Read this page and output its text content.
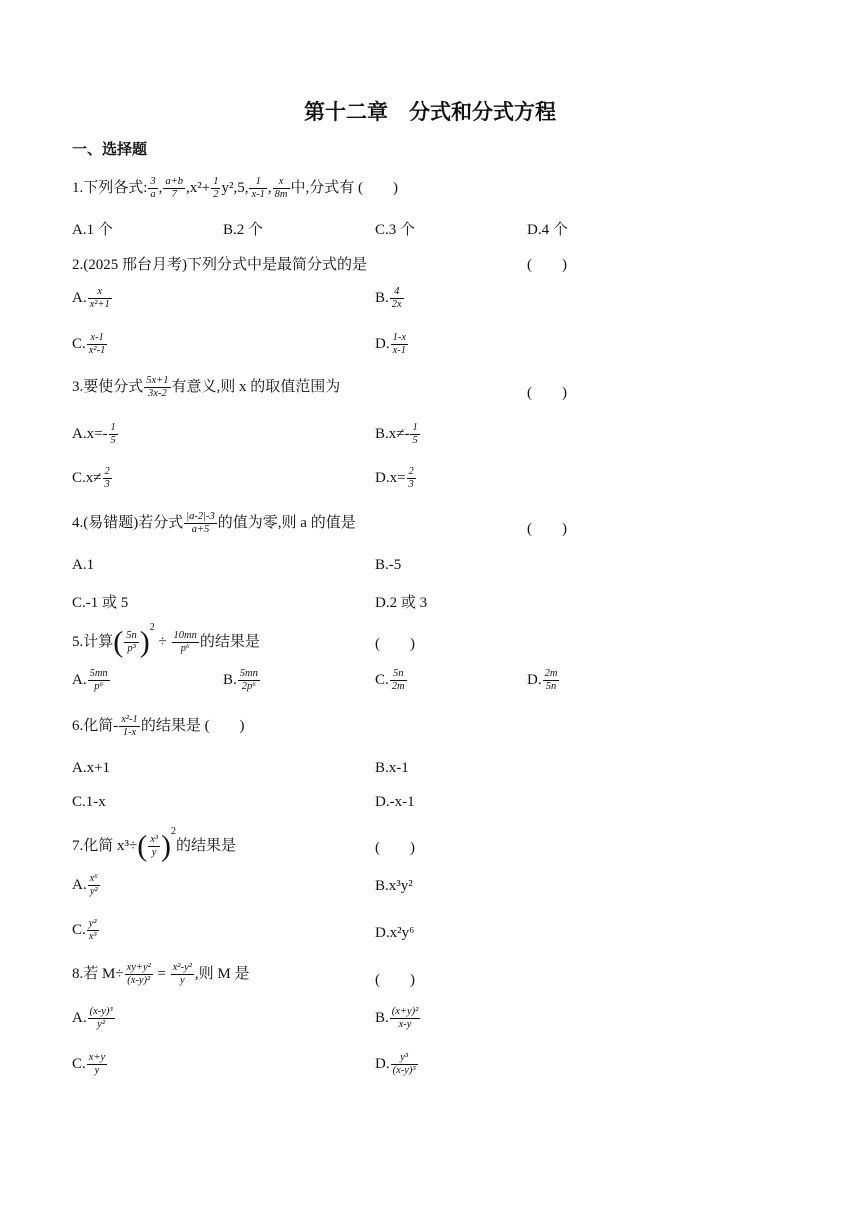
第十二章　分式和分式方程
一、选择题
1.下列各式: $\frac{3}{a}$ , $\frac{a+b}{7} ,x^2+ \frac{1}{2} y^2,5$, $\frac{1}{x-1}$ , $\frac{x}{8m}$ 中,分式有 (　　)
A.1 个	B.2 个	C.3 个	D.4 个
2.(2025 邢台月考)下列分式中是最简分式的是	(　　)
A. $\frac{x}{\text{x²+1}}$	B. $\frac{4}{2x}$
C. $\frac{x-1}{\text{x²-1}}$	D. $\frac{1-x}{x-1}$
3.要使分式 $\frac{5x+1}{3x-2}$ 有意义,则 x 的取值范围为	(　　)
$A.x=- \frac{1}{5}$	$B.x\ne- \frac{1}{5}$
$C.x\ne \frac{2}{3}$	$D.x= \frac{2}{3}$
4.(易错题)若分式 $\frac{|a-2|-3}{a+5}$ 的值为零,则 a 的值是	(　　)
A.1	B.-5
C.-1 或 5	D.2 或 3
5.计算( $\frac{5n}{\text{p³}} )^2 \div \frac{10mn}{\text{p⁶}}$ 的结果是	(　　)
A. $\frac{5mn}{\text{p⁶}}$	B. $\frac{5mn}{\text{2p⁶}}$	C. $\frac{5n}{2m}$	D. $\frac{2m}{5n}$
6.化简- $\frac{\text{x²-1}}{1-x}$ 的结果是 (　　)
A.x+1	B.x-1
C.1-x	D.-x-1
7.化简 $x^3\div( \frac{\text{x³}}{y} )^2$的结果是	(　　)
A. $\frac{\text{x⁶}}{\text{y²}}$	B.x³y²
C. $\frac{\text{y²}}{\text{x³}}$	D.x²y⁶
8.若 $M\div \frac{\text{xy+y²}}{\text{(x-y)²}} = \frac{\text{x²-y²}}{y}$ ,则 M 是	(　　)
A. $\frac{\text{(x-y)³}}{\text{y²}}$	B. $\frac{\text{(x+y)²}}{x-y}$
C. $\frac{x+y}{y}$	D. $\frac{\text{y³}}{\text{(x-y)³}}$
